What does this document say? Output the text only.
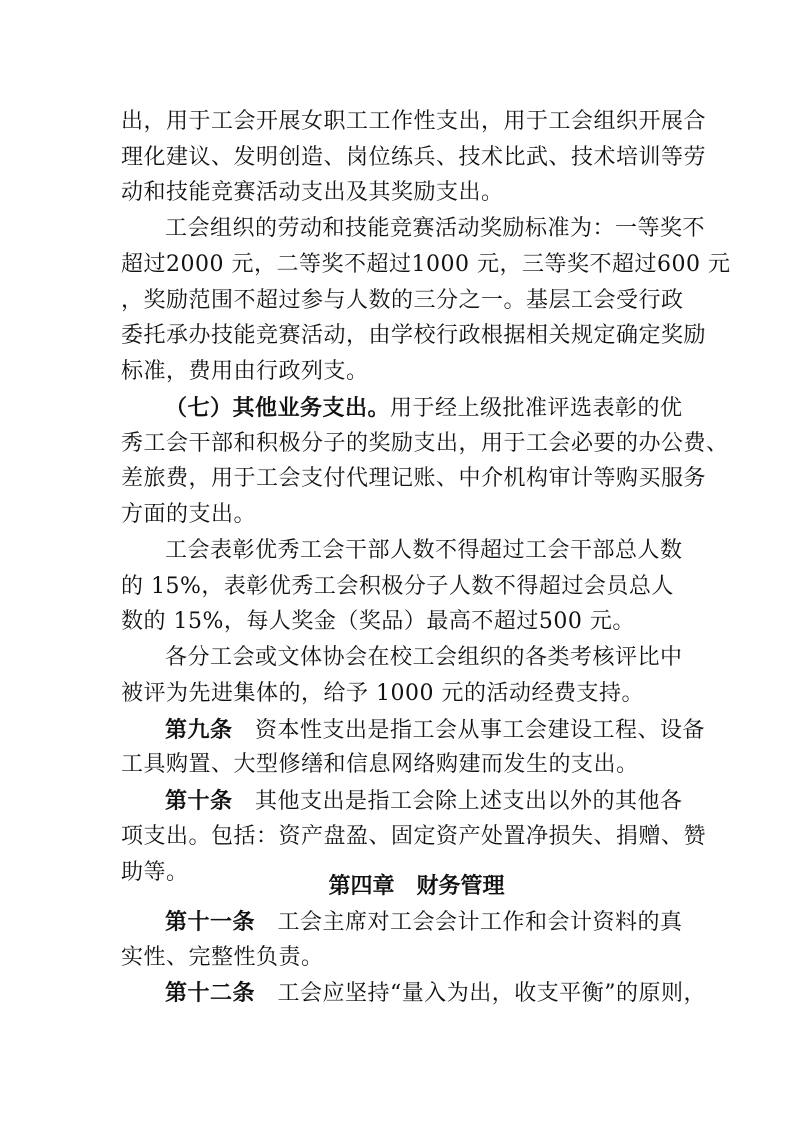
出，用于工会开展女职工工作性支出，用于工会组织开展合
理化建议、发明创造、岗位练兵、技术比武、技术培训等劳
动和技能竞赛活动支出及其奖励支出。
工会组织的劳动和技能竞赛活动奖励标准为：一等奖不
超过2000 元，二等奖不超过1000 元，三等奖不超过600 元
，奖励范围不超过参与人数的三分之一。基层工会受行政
委托承办技能竞赛活动，由学校行政根据相关规定确定奖励
标准，费用由行政列支。
（七）其他业务支出。用于经上级批准评选表彰的优
秀工会干部和积极分子的奖励支出，用于工会必要的办公费、
差旅费，用于工会支付代理记账、中介机构审计等购买服务
方面的支出。
工会表彰优秀工会干部人数不得超过工会干部总人数
的 15%，表彰优秀工会积极分子人数不得超过会员总人
数的 15%，每人奖金（奖品）最高不超过500 元。
各分工会或文体协会在校工会组织的各类考核评比中
被评为先进集体的，给予 1000 元的活动经费支持。
第九条  资本性支出是指工会从事工会建设工程、设备
工具购置、大型修缮和信息网络购建而发生的支出。
第十条  其他支出是指工会除上述支出以外的其他各
项支出。包括：资产盘盈、固定资产处置净损失、捐赠、赞
助等。
第四章　财务管理
第十一条  工会主席对工会会计工作和会计资料的真
实性、完整性负责。
第十二条  工会应坚持“量入为出，收支平衡”的原则，
